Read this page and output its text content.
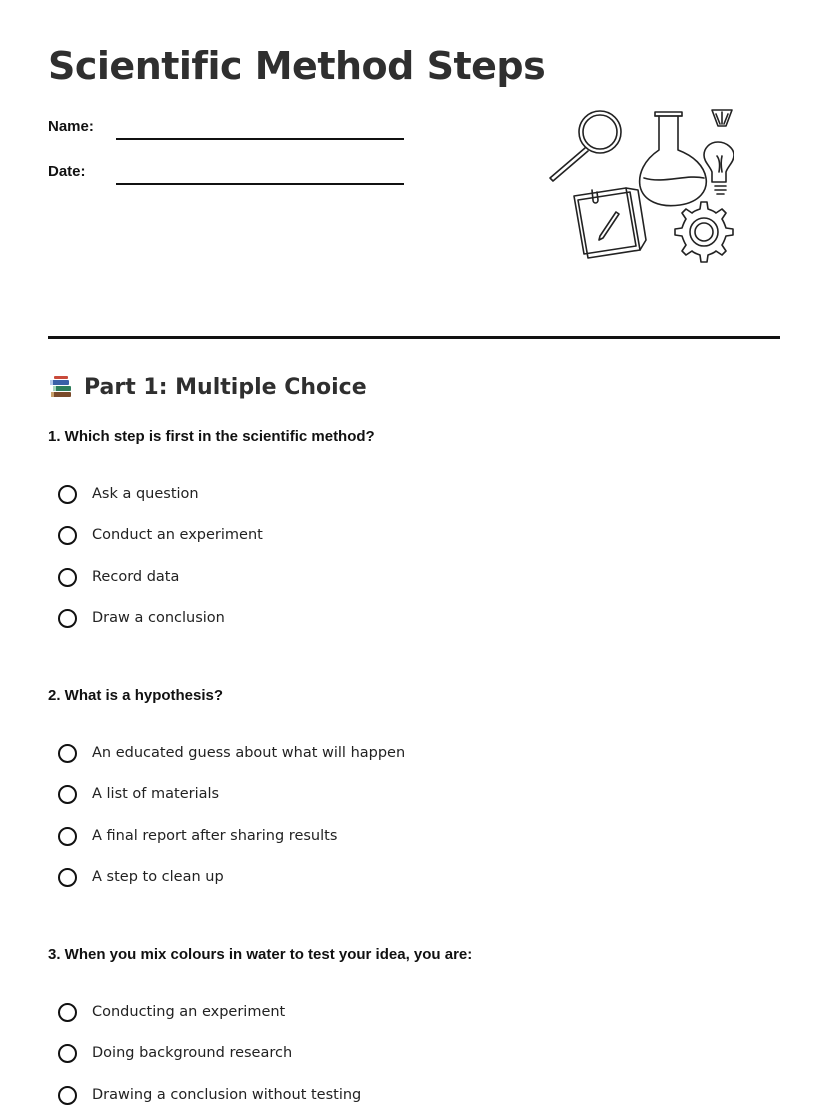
Scientific Method Steps
Name:
Date:
Part 1: Multiple Choice
1. Which step is first in the scientific method?
Ask a question
Conduct an experiment
Record data
Draw a conclusion
2. What is a hypothesis?
An educated guess about what will happen
A list of materials
A final report after sharing results
A step to clean up
3. When you mix colours in water to test your idea, you are:
Conducting an experiment
Doing background research
Drawing a conclusion without testing
